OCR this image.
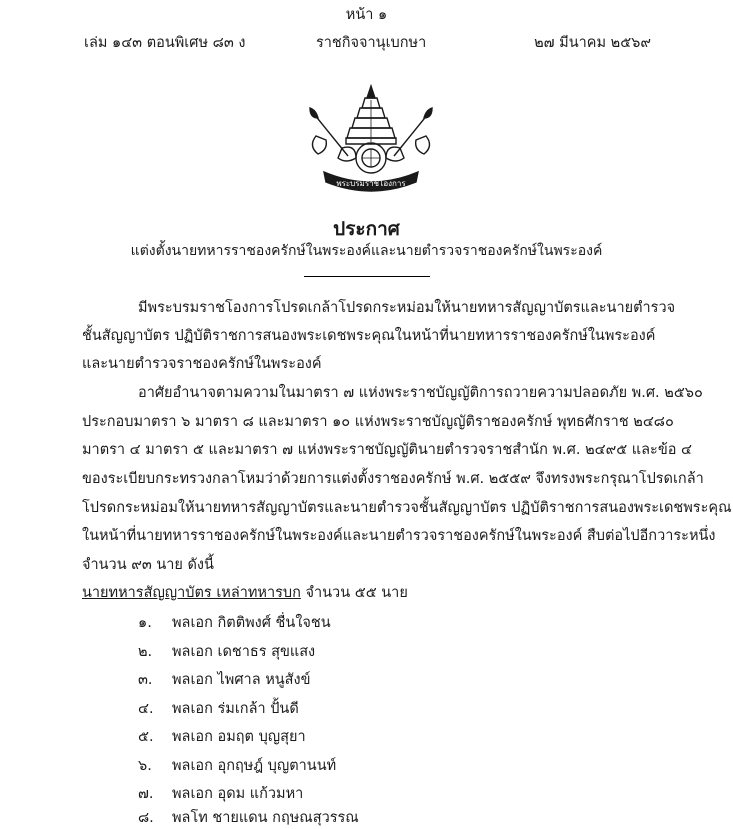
หน้า ๑
เล่ม ๑๔๓ ตอนพิเศษ ๘๓ ง	ราชกิจจานุเบกษา	๒๗ มีนาคม ๒๕๖๙
พระบรมราชโองการ
ประกาศ
แต่งตั้งนายทหารราชองครักษ์ในพระองค์และนายตำรวจราชองครักษ์ในพระองค์
มีพระบรมราชโองการโปรดเกล้าโปรดกระหม่อมให้นายทหารสัญญาบัตรและนายตำรวจ
ชั้นสัญญาบัตร ปฏิบัติราชการสนองพระเดชพระคุณในหน้าที่นายทหารราชองครักษ์ในพระองค์
และนายตำรวจราชองครักษ์ในพระองค์
อาศัยอำนาจตามความในมาตรา ๗ แห่งพระราชบัญญัติการถวายความปลอดภัย พ.ศ. ๒๕๖๐
ประกอบมาตรา ๖ มาตรา ๘ และมาตรา ๑๐ แห่งพระราชบัญญัติราชองครักษ์ พุทธศักราช ๒๔๘๐
มาตรา ๔ มาตรา ๕ และมาตรา ๗ แห่งพระราชบัญญัตินายตำรวจราชสำนัก พ.ศ. ๒๔๙๕ และข้อ ๔
ของระเบียบกระทรวงกลาโหมว่าด้วยการแต่งตั้งราชองครักษ์ พ.ศ. ๒๕๕๙ จึงทรงพระกรุณาโปรดเกล้า
โปรดกระหม่อมให้นายทหารสัญญาบัตรและนายตำรวจชั้นสัญญาบัตร ปฏิบัติราชการสนองพระเดชพระคุณ
ในหน้าที่นายทหารราชองครักษ์ในพระองค์และนายตำรวจราชองครักษ์ในพระองค์ สืบต่อไปอีกวาระหนึ่ง
จำนวน ๙๓ นาย ดังนี้
นายทหารสัญญาบัตร เหล่าทหารบก จำนวน ๕๕ นาย
๑. พลเอก กิตติพงศ์ ชื่นใจชน
๒. พลเอก เดชาธร สุขแสง
๓. พลเอก ไพศาล หนูสังข์
๔. พลเอก ร่มเกล้า ปั้นดี
๕. พลเอก อมฤต บุญสุยา
๖. พลเอก อุกฤษฎ์ บุญตานนท์
๗. พลเอก อุดม แก้วมหา
๘. พลโท ชายแดน กฤษณสุวรรณ
